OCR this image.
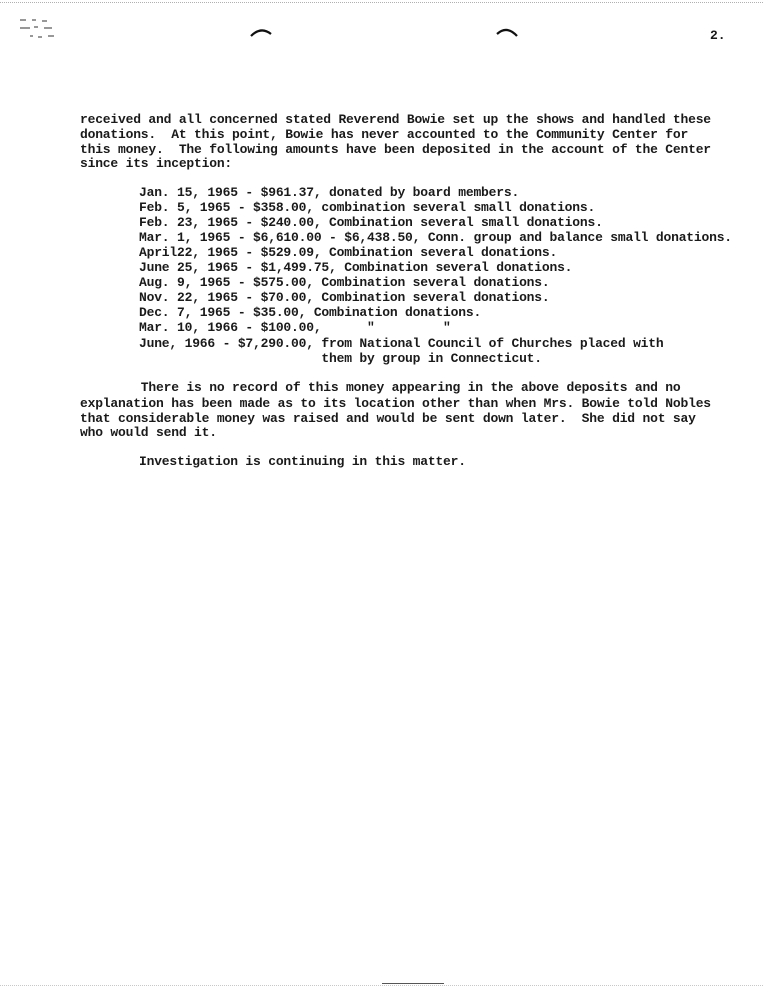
2.
received and all concerned stated Reverend Bowie set up the shows and handled these
donations.  At this point, Bowie has never accounted to the Community Center for
this money.  The following amounts have been deposited in the account of the Center
since its inception:
Jan. 15, 1965 - $961.37, donated by board members.
Feb. 5, 1965 - $358.00, combination several small donations.
Feb. 23, 1965 - $240.00, Combination several small donations.
Mar. 1, 1965 - $6,610.00 - $6,438.50, Conn. group and balance small donations.
April22, 1965 - $529.09, Combination several donations.
June 25, 1965 - $1,499.75, Combination several donations.
Aug. 9, 1965 - $575.00, Combination several donations.
Nov. 22, 1965 - $70.00, Combination several donations.
Dec. 7, 1965 - $35.00, Combination donations.
Mar. 10, 1966 - $100.00,      "         "
June, 1966 - $7,290.00, from National Council of Churches placed with
them by group in Connecticut.
There is no record of this money appearing in the above deposits and no
explanation has been made as to its location other than when Mrs. Bowie told Nobles
that considerable money was raised and would be sent down later.  She did not say
who would send it.
Investigation is continuing in this matter.
